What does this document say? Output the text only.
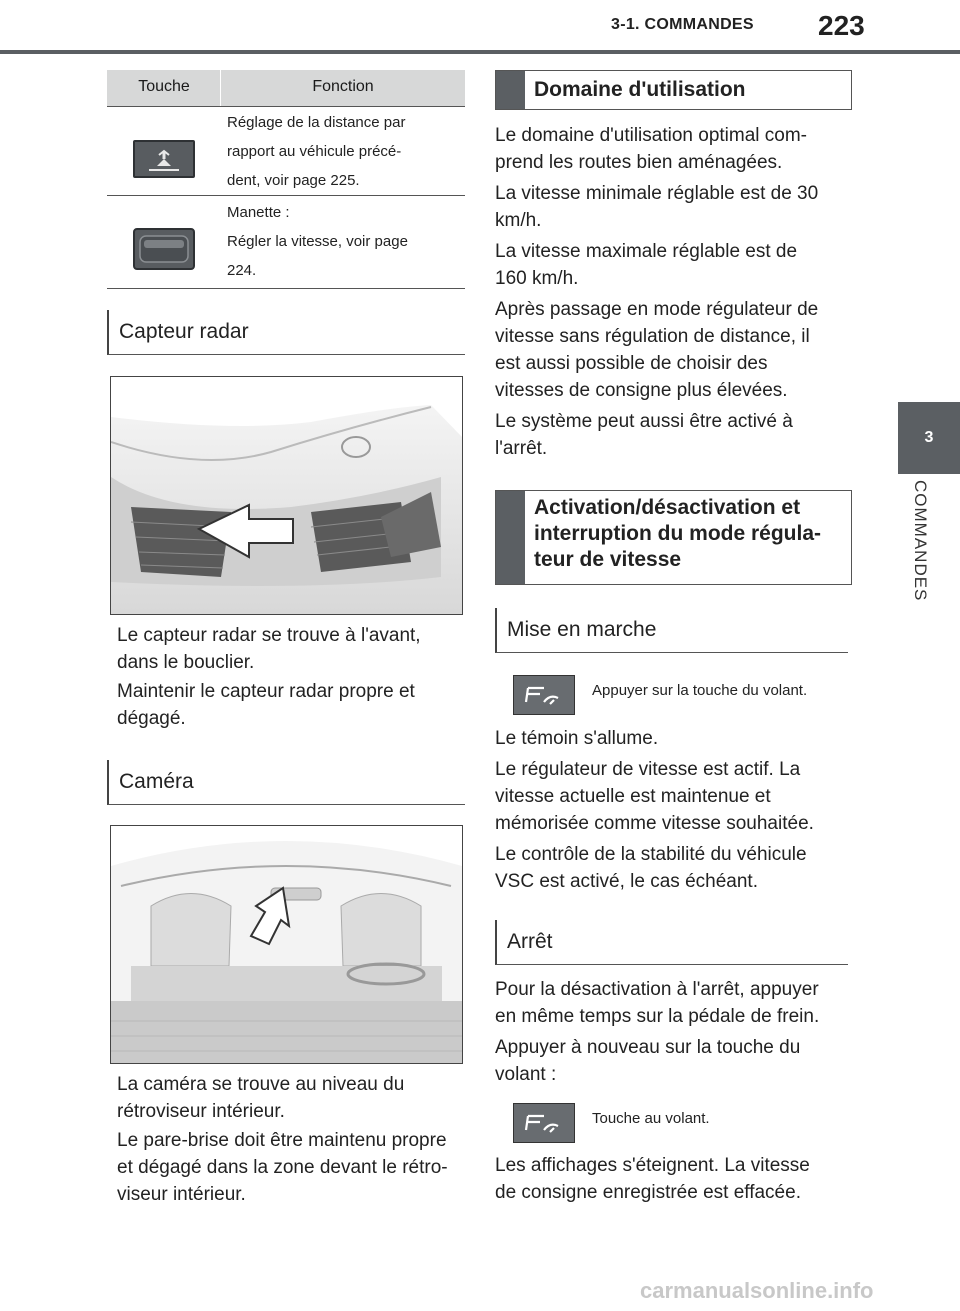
3-1. COMMANDES 223
3
COMMANDES
Touche	Fonction
Réglage de la distance par
rapport au véhicule précé-
dent, voir page 225.
Manette :
Régler la vitesse, voir page
224.
Capteur radar
Le capteur radar se trouve à l'avant,
dans le bouclier.
Maintenir le capteur radar propre et
dégagé.
Caméra
La caméra se trouve au niveau du
rétroviseur intérieur.
Le pare-brise doit être maintenu propre
et dégagé dans la zone devant le rétro-
viseur intérieur.
Domaine d'utilisation
Le domaine d'utilisation optimal com-
prend les routes bien aménagées.
La vitesse minimale réglable est de 30
km/h.
La vitesse maximale réglable est de
160 km/h.
Après passage en mode régulateur de
vitesse sans régulation de distance, il
est aussi possible de choisir des
vitesses de consigne plus élevées.
Le système peut aussi être activé à
l'arrêt.
Activation/désactivation et
interruption du mode régula-
teur de vitesse
Mise en marche
Appuyer sur la touche du volant.
Le témoin s'allume.
Le régulateur de vitesse est actif. La
vitesse actuelle est maintenue et
mémorisée comme vitesse souhaitée.
Le contrôle de la stabilité du véhicule
VSC est activé, le cas échéant.
Arrêt
Pour la désactivation à l'arrêt, appuyer
en même temps sur la pédale de frein.
Appuyer à nouveau sur la touche du
volant :
Touche au volant.
Les affichages s'éteignent. La vitesse
de consigne enregistrée est effacée.
carmanualsonline.info
